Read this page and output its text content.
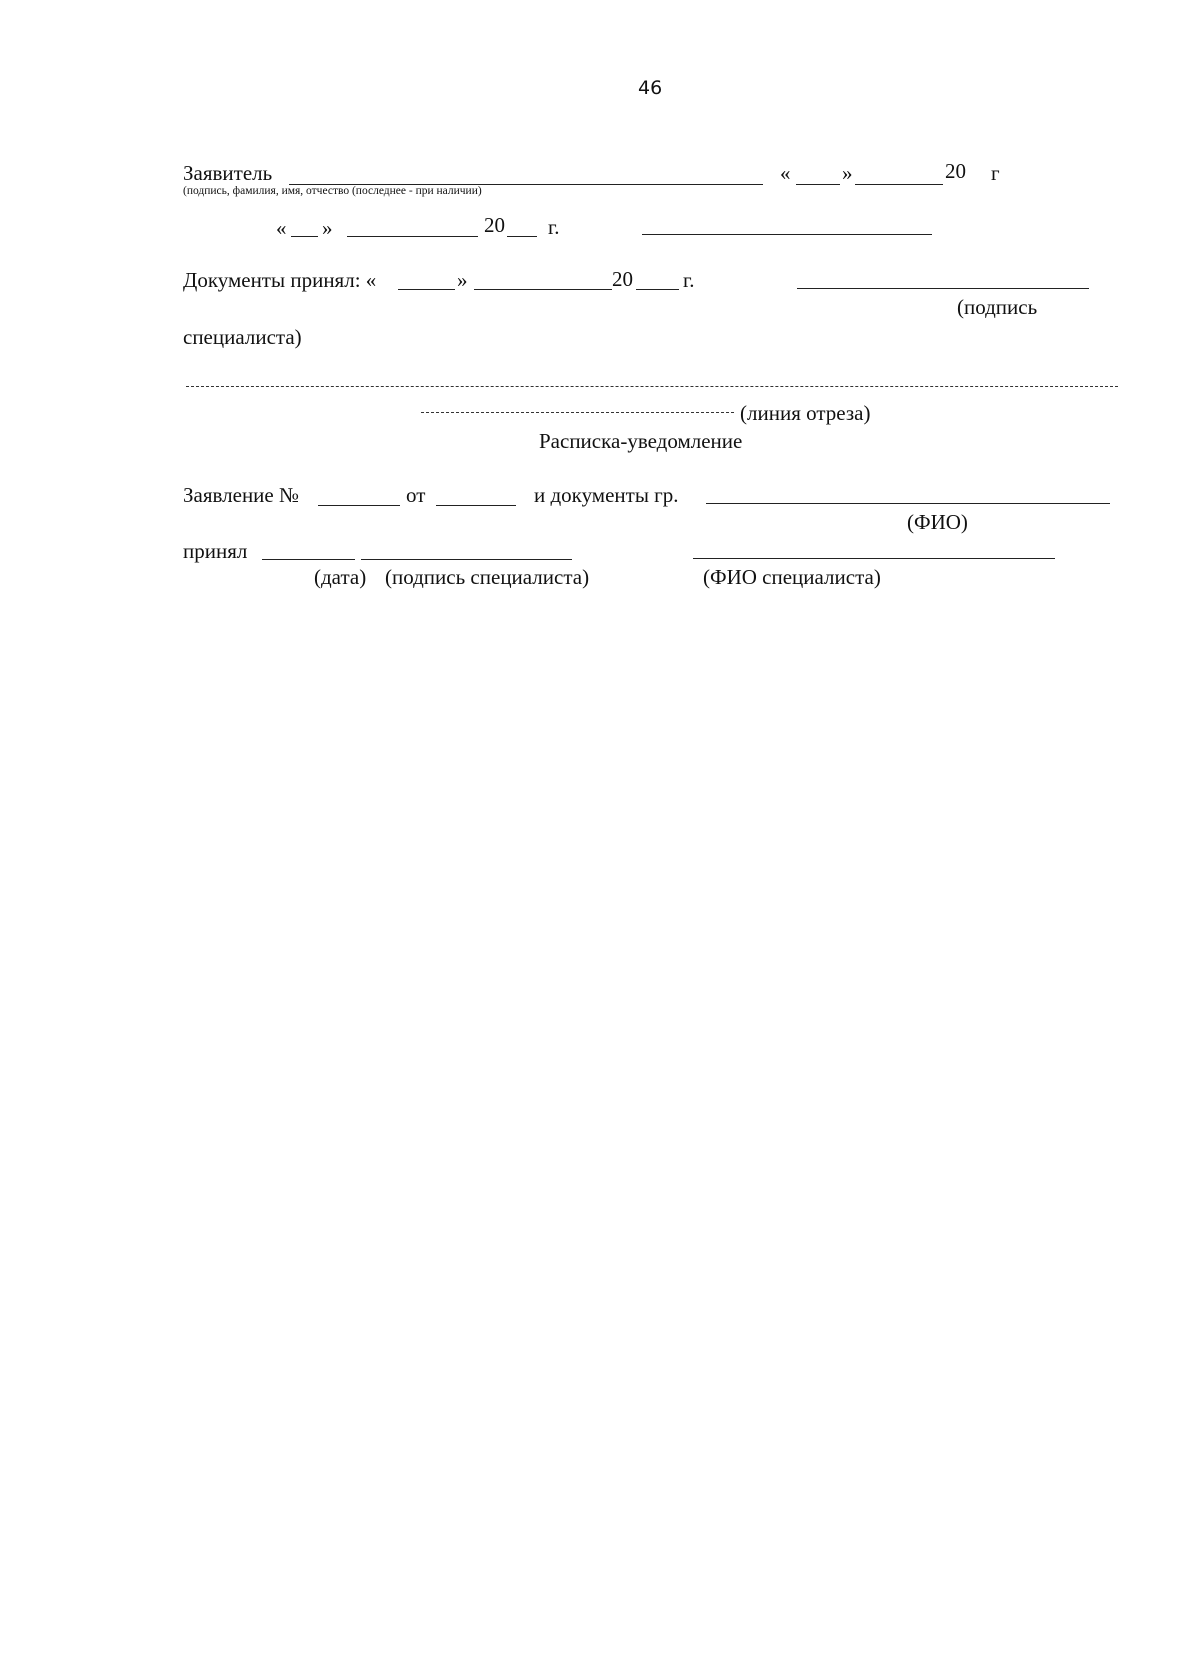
46
Заявитель
(подпись, фамилия, имя, отчество (последнее - при наличии)
« »	20 г
« »	20 г.
Документы принял: «	»	20 г.
(подпись
специалиста)
(линия отреза)
Расписка-уведомление
Заявление №	от	и документы гр.
(ФИО)
принял
(дата) (подпись специалиста)	(ФИО специалиста)
